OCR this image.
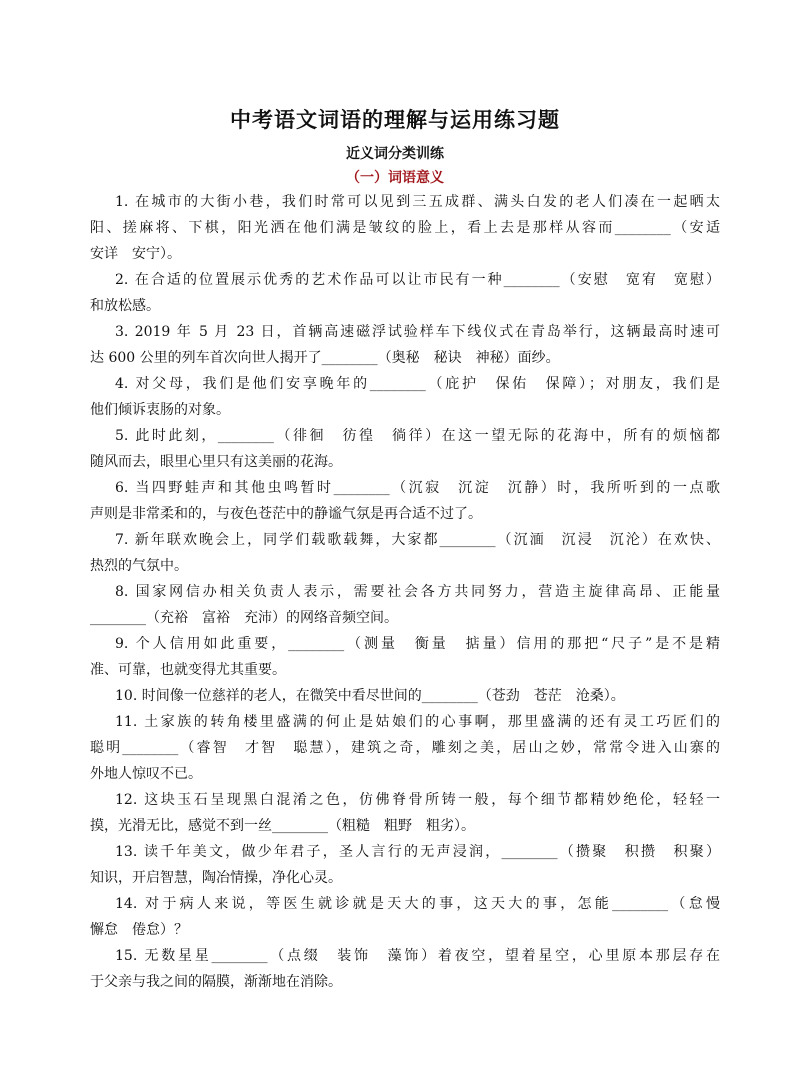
中考语文词语的理解与运用练习题
近义词分类训练
（一）词语意义
1. 在城市的大街小巷，我们时常可以见到三五成群、满头白发的老人们凑在一起晒太
阳、搓麻将、下棋，阳光洒在他们满是皱纹的脸上，看上去是那样从容而________（安适
安详　安宁）。
2. 在合适的位置展示优秀的艺术作品可以让市民有一种________（安慰　宽宥　宽慰）
和放松感。
3. 2019 年 5 月 23 日，首辆高速磁浮试验样车下线仪式在青岛举行，这辆最高时速可
达 600 公里的列车首次向世人揭开了________（奥秘　秘诀　神秘）面纱。
4. 对父母，我们是他们安享晚年的________（庇护　保佑　保障）；对朋友，我们是
他们倾诉衷肠的对象。
5. 此时此刻，________（徘徊　彷徨　徜徉）在这一望无际的花海中，所有的烦恼都
随风而去，眼里心里只有这美丽的花海。
6. 当四野蛙声和其他虫鸣暂时________（沉寂　沉淀　沉静）时，我所听到的一点歌
声则是非常柔和的，与夜色苍茫中的静谧气氛是再合适不过了。
7. 新年联欢晚会上，同学们载歌载舞，大家都________（沉湎　沉浸　沉沦）在欢快、
热烈的气氛中。
8. 国家网信办相关负责人表示，需要社会各方共同努力，营造主旋律高昂、正能量
________（充裕　富裕　充沛）的网络音频空间。
9. 个人信用如此重要，________（测量　衡量　掂量）信用的那把“尺子”是不是精
准、可靠，也就变得尤其重要。
10. 时间像一位慈祥的老人，在微笑中看尽世间的________（苍劲　苍茫　沧桑）。
11. 土家族的转角楼里盛满的何止是姑娘们的心事啊，那里盛满的还有灵工巧匠们的
聪明________（睿智　才智　聪慧），建筑之奇，雕刻之美，居山之妙，常常令进入山寨的
外地人惊叹不已。
12. 这块玉石呈现黑白混淆之色，仿佛脊骨所铸一般，每个细节都精妙绝伦，轻轻一
摸，光滑无比，感觉不到一丝________（粗糙　粗野　粗劣）。
13. 读千年美文，做少年君子，圣人言行的无声浸润，________（攒聚　积攒　积聚）
知识，开启智慧，陶冶情操，净化心灵。
14. 对于病人来说，等医生就诊就是天大的事，这天大的事，怎能________（怠慢
懈怠　倦怠）？
15. 无数星星________（点缀　装饰　藻饰）着夜空，望着星空，心里原本那层存在
于父亲与我之间的隔膜，渐渐地在消除。
